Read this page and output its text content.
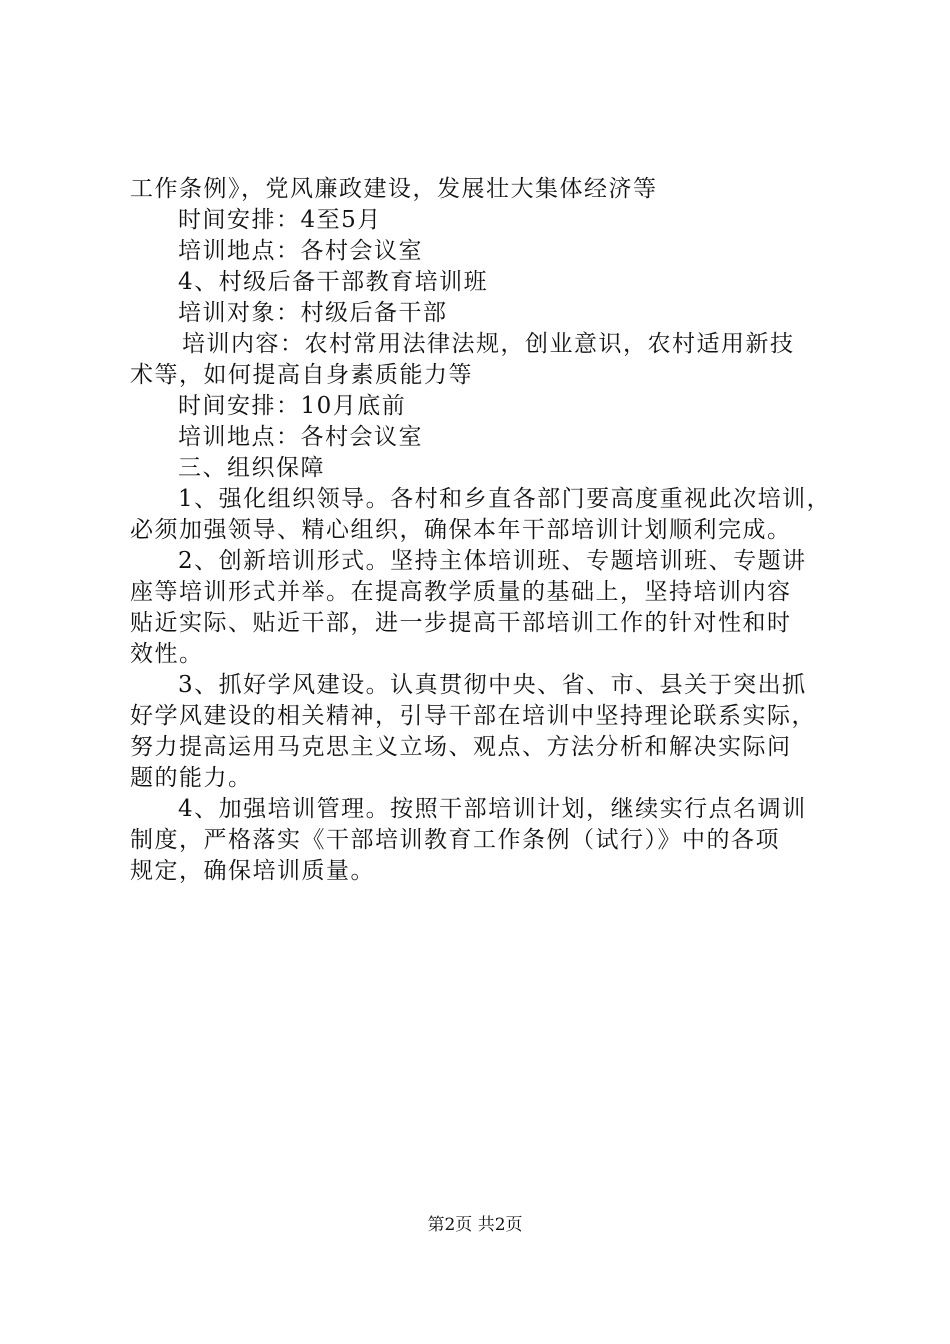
工作条例》，党风廉政建设，发展壮大集体经济等
时间安排：4至5月
培训地点：各村会议室
4、村级后备干部教育培训班
培训对象：村级后备干部
培训内容：农村常用法律法规，创业意识，农村适用新技
术等，如何提高自身素质能力等
时间安排：10月底前
培训地点：各村会议室
三、组织保障
1、强化组织领导。各村和乡直各部门要高度重视此次培训，
必须加强领导、精心组织，确保本年干部培训计划顺利完成。
2、创新培训形式。坚持主体培训班、专题培训班、专题讲
座等培训形式并举。在提高教学质量的基础上，坚持培训内容
贴近实际、贴近干部，进一步提高干部培训工作的针对性和时
效性。
3、抓好学风建设。认真贯彻中央、省、市、县关于突出抓
好学风建设的相关精神，引导干部在培训中坚持理论联系实际，
努力提高运用马克思主义立场、观点、方法分析和解决实际问
题的能力。
4、加强培训管理。按照干部培训计划，继续实行点名调训
制度，严格落实《干部培训教育工作条例（试行）》中的各项
规定，确保培训质量。
第2页 共2页
